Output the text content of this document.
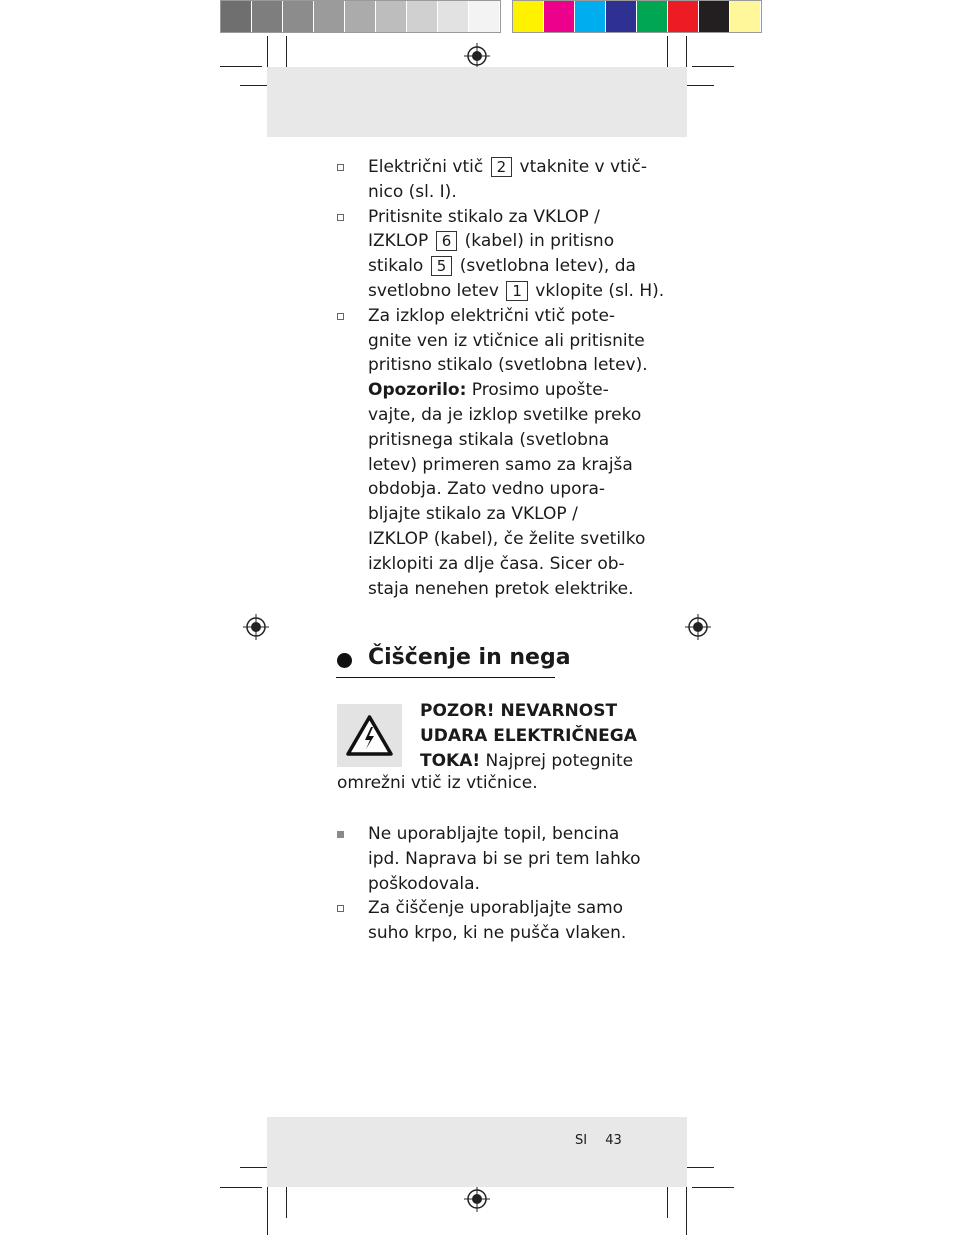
Električni vtič 2 vtaknite v vtič-
nico (sl. I).
Pritisnite stikalo za VKLOP /
IZKLOP 6 (kabel) in pritisno
stikalo 5 (svetlobna letev), da
svetlobno letev 1 vklopite (sl. H).
Za izklop električni vtič pote-
gnite ven iz vtičnice ali pritisnite
pritisno stikalo (svetlobna letev).
Opozorilo: Prosimo upošte-
vajte, da je izklop svetilke preko
pritisnega stikala (svetlobna
letev) primeren samo za krajša
obdobja. Zato vedno upora-
bljajte stikalo za VKLOP /
IZKLOP (kabel), če želite svetilko
izklopiti za dlje časa. Sicer ob-
staja nenehen pretok elektrike.
Čiščenje in nega
POZOR! NEVARNOST
UDARA ELEKTRIČNEGA
TOKA! Najprej potegnite
omrežni vtič iz vtičnice.
Ne uporabljajte topil, bencina
ipd. Naprava bi se pri tem lahko
poškodovala.
Za čiščenje uporabljajte samo
suho krpo, ki ne pušča vlaken.
SI 43
